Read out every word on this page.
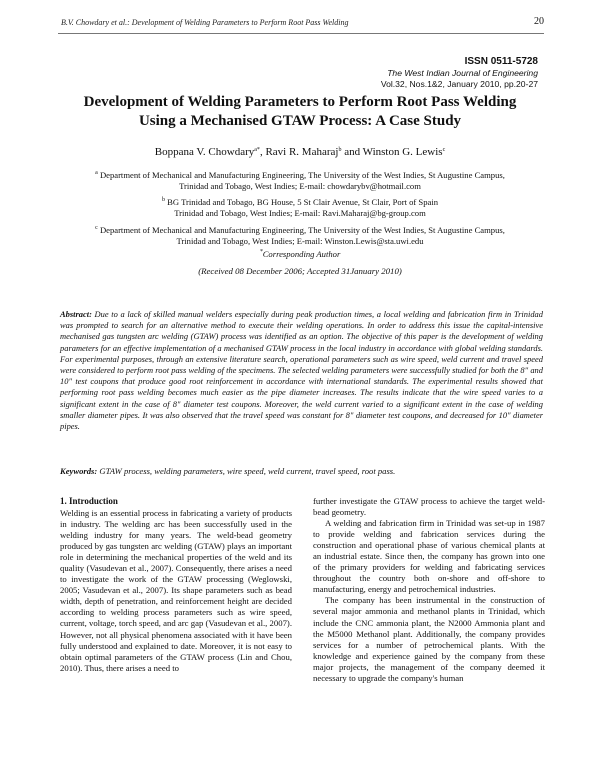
B.V. Chowdary et al.: Development of Welding Parameters to Perform Root Pass Welding	20
ISSN 0511-5728
The West Indian Journal of Engineering
Vol.32, Nos.1&2, January 2010, pp.20-27
Development of Welding Parameters to Perform Root Pass Welding
Using a Mechanised GTAW Process: A Case Study
Boppana V. Chowdary$^{a*}$, Ravi R. Maharaj$^b$ and Winston G. Lewis$^c$
$^a$ Department of Mechanical and Manufacturing Engineering, The University of the West Indies, St Augustine Campus,
Trinidad and Tobago, West Indies; E-mail: chowdarybv@hotmail.com
$^b$ BG Trinidad and Tobago, BG House, 5 St Clair Avenue, St Clair, Port of Spain
Trinidad and Tobago, West Indies; E-mail: Ravi.Maharaj@bg-group.com
$^c$ Department of Mechanical and Manufacturing Engineering, The University of the West Indies, St Augustine Campus,
Trinidad and Tobago, West Indies; E-mail: Winston.Lewis@sta.uwi.edu
*Corresponding Author
(Received 08 December 2006; Accepted 31January 2010)
Abstract: Due to a lack of skilled manual welders especially during peak production times, a local welding and fabrication firm in Trinidad was prompted to search for an alternative method to execute their welding operations. In order to address this issue the capital-intensive mechanised gas tungsten arc welding (GTAW) process was identified as an option. The objective of this paper is the development of welding parameters for an effective implementation of a mechanised GTAW process in the local industry in accordance with global welding standards. For experimental purposes, through an extensive literature search, operational parameters such as wire speed, weld current and travel speed were considered to perform root pass welding of the specimens. The selected welding parameters were successfully studied for both the 8" and 10" test coupons that produce good root reinforcement in accordance with international standards. The experimental results showed that performing root pass welding becomes much easier as the pipe diameter increases. The results indicate that the wire speed varies to a significant extent in the case of 8" diameter test coupons. Moreover, the weld current varied to a significant extent in the case of welding smaller diameter pipes. It was also observed that the travel speed was constant for 8" diameter test coupons, and decreased for 10" diameter pipes.
Keywords: GTAW process, welding parameters, wire speed, weld current, travel speed, root pass.
1. Introduction
Welding is an essential process in fabricating a variety of products in industry. The welding arc has been successfully used in the welding industry for many years. The weld-bead geometry produced by gas tungsten arc welding (GTAW) plays an important role in determining the mechanical properties of the weld and its quality (Vasudevan et al., 2007). Consequently, there arises a need to investigate the work of the GTAW processing (Weglowski, 2005; Vasudevan et al., 2007). Its shape parameters such as bead width, depth of penetration, and reinforcement height are decided according to welding process parameters such as wire speed, current, voltage, torch speed, and arc gap (Vasudevan et al., 2007). However, not all physical phenomena associated with it have been fully understood and explained to date. Moreover, it is not easy to obtain optimal parameters of the GTAW process (Lin and Chou, 2010). Thus, there arises a need to

further investigate the GTAW process to achieve the target weld-bead geometry.

A welding and fabrication firm in Trinidad was set-up in 1987 to provide welding and fabrication services during the construction and operational phase of various chemical plants at an industrial estate. Since then, the company has grown into one of the primary providers for welding and fabricating services throughout the country both on-shore and off-shore to manufacturing, energy and petrochemical industries.

The company has been instrumental in the construction of several major ammonia and methanol plants in Trinidad, which include the CNC ammonia plant, the N2000 Ammonia plant and the M5000 Methanol plant. Additionally, the company provides services for a number of petrochemical plants. With the knowledge and experience gained by the company from these major projects, the management of the company deemed it necessary to upgrade the company's human
